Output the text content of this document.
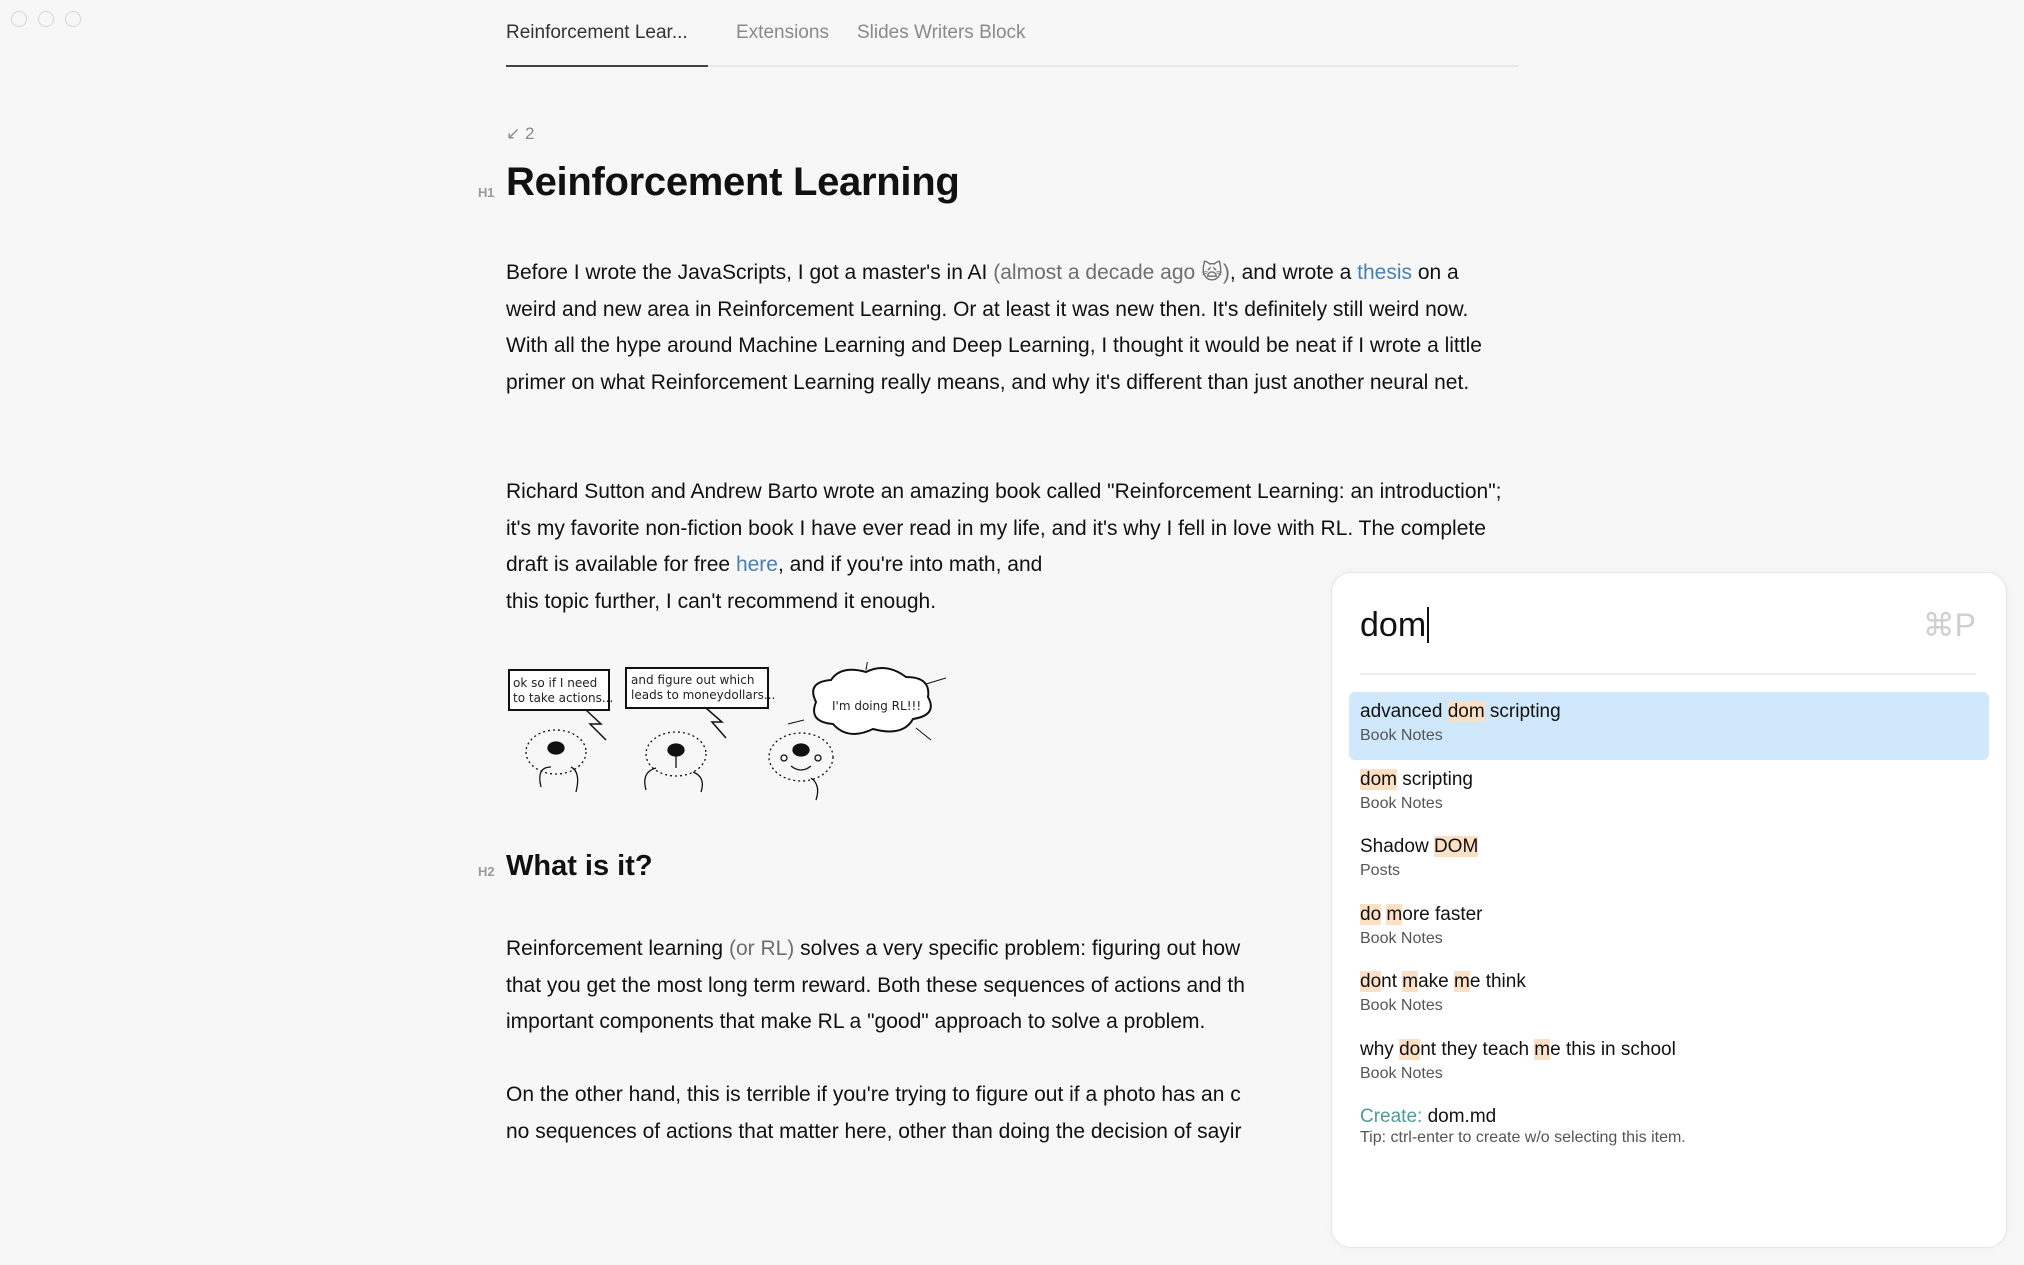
Reinforcement Lear...	Extensions Slides Writers Block
↙ 2
H1 Reinforcement Learning
Before I wrote the JavaScripts, I got a master's in AI (almost a decade ago 🙀), and wrote a thesis on a weird and new area in Reinforcement Learning. Or at least it was new then. It's definitely still weird now. With all the hype around Machine Learning and Deep Learning, I thought it would be neat if I wrote a little primer on what Reinforcement Learning really means, and why it's different than just another neural net.
Richard Sutton and Andrew Barto wrote an amazing book called "Reinforcement Learning: an introduction"; it's my favorite non-fiction book I have ever read in my life, and it's why I fell in love with RL. The complete draft is available for free here, and if you're into math, and
this topic further, I can't recommend it enough.
ok so if I need
to take actions...
and figure out which
leads to moneydollars...
I'm doing RL!!!
H2 What is it?
Reinforcement learning (or RL) solves a very specific problem: figuring out how
that you get the most long term reward. Both these sequences of actions and th
important components that make RL a "good" approach to solve a problem.
On the other hand, this is terrible if you're trying to figure out if a photo has an c
no sequences of actions that matter here, other than doing the decision of sayir
dom	⌘P
advanced dom scripting
Book Notes
dom scripting
Book Notes
Shadow DOM
Posts
do more faster
Book Notes
dont make me think
Book Notes
why dont they teach me this in school
Book Notes
Create: dom.md
Tip: ctrl-enter to create w/o selecting this item.
